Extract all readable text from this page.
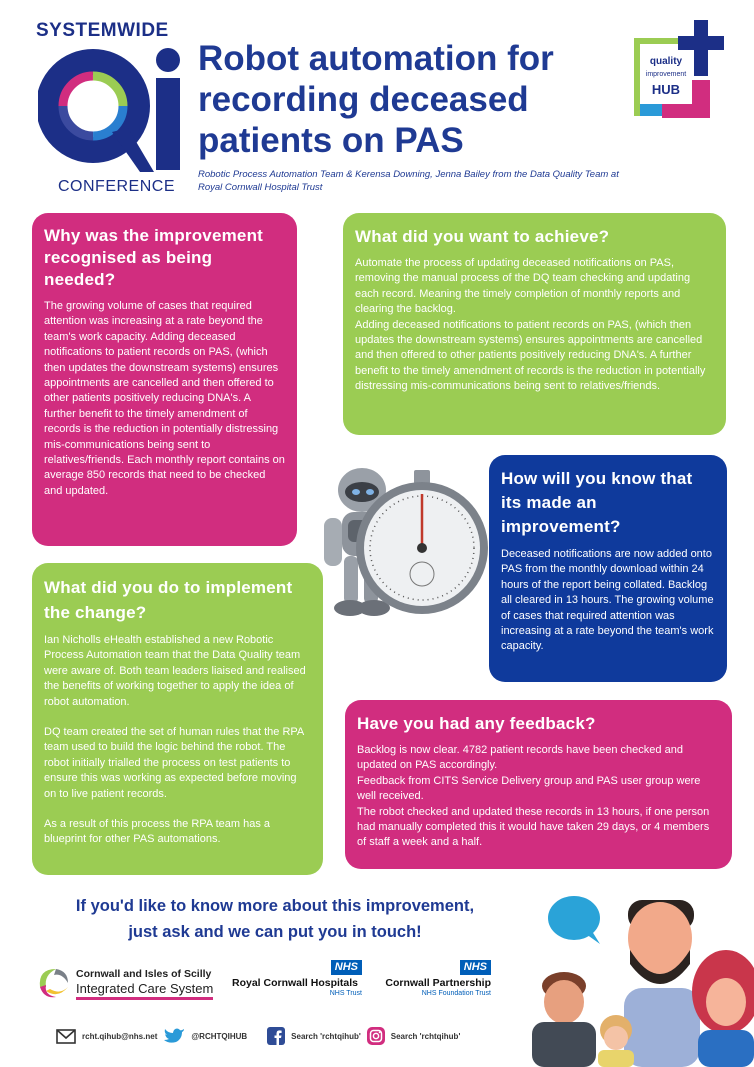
SYSTEMWIDE
CONFERENCE
Robot automation for recording deceased patients on PAS
Robotic Process Automation Team & Kerensa Downing, Jenna Bailey from the Data Quality Team at Royal Cornwall Hospital Trust
quality
improvement
HUB
Why was the improvement recognised as being needed?

The growing volume of cases that required attention was increasing at a rate beyond the team's work capacity. Adding deceased notifications to patient records on PAS, (which then updates the downstream systems) ensures appointments are cancelled and then offered to other patients positively reducing DNA's. A further benefit to the timely amendment of records is the reduction in potentially distressing mis-communications being sent to relatives/friends. Each monthly report contains on average 850 records that need to be checked and updated.

What did you want to achieve?

Automate the process of updating deceased notifications on PAS, removing the manual process of the DQ team checking and updating each record. Meaning the timely completion of monthly reports and clearing the backlog.

Adding deceased notifications to patient records on PAS, (which then updates the downstream systems) ensures appointments are cancelled and then offered to other patients positively reducing DNA's. A further benefit to the timely amendment of records is the reduction in potentially distressing mis-communications being sent to relatives/friends.

How will you know that its made an improvement?

Deceased notifications are now added onto PAS from the monthly download within 24 hours of the report being collated. Backlog all cleared in 13 hours. The growing volume of cases that required attention was increasing at a rate beyond the team's work capacity.

What did you do to implement the change?

Ian Nicholls eHealth established a new Robotic Process Automation team that the Data Quality team were aware of. Both team leaders liaised and realised the benefits of working together to apply the idea of robot automation.

DQ team created the set of human rules that the RPA team used to build the logic behind the robot. The robot initially trialled the process on test patients to ensure this was working as expected before moving on to live patient records.

As a result of this process the RPA team has a blueprint for other PAS automations.

Have you had any feedback?

Backlog is now clear. 4782 patient records have been checked and updated on PAS accordingly.

Feedback from CITS Service Delivery group and PAS user group were well received.

The robot checked and updated these records in 13 hours, if one person had manually completed this it would have taken 29 days, or 4 members of staff a week and a half.

If you'd like to know more about this improvement,
just ask and we can put you in touch!
Cornwall and Isles of Scilly
Integrated Care System
NHS
Royal Cornwall Hospitals
NHS Trust
NHS
Cornwall Partnership
NHS Foundation Trust
rcht.qihub@nhs.net	@RCHTQIHUB	Search 'rchtqihub'	Search 'rchtqihub'
